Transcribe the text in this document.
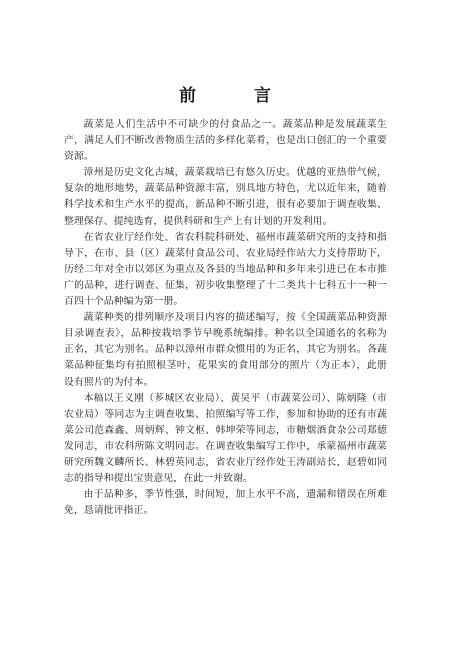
前 言

蔬菜是人们生活中不可缺少的付食品之一。蔬菜品种是发展蔬菜生产，满足人们不断改善物质生活的多样化菜肴，也是出口创汇的一个重要资源。

漳州是历史文化古城，蔬菜栽培已有悠久历史。优越的亚热带气候，复杂的地形地势，蔬菜品种资源丰富，别具地方特色，尤以近年来，随着科学技术和生产水平的提高，新品种不断引进，很有必要加于调查收集、整理保存、提纯选育，提供科研和生产上有计划的开发利用。

在省农业厅经作处、省农科院科研处、福州市蔬菜研究所的支持和指导下，在市、县（区）蔬菜付食品公司、农业局经作站大力支持帮助下，历经二年对全市以郊区为重点及各县的当地品种和多年来引进已在本市推广的品种，进行调查、征集，初步收集整理了十二类共十七科五十一种一百四十个品种编为第一册。

蔬菜种类的排列顺序及项目内容的描述编写，按《全国蔬菜品种资源目录调查表》，品种按栽培季节早晚系统编排。种名以全国通名的名称为正名，其它为别名。品种以漳州市群众惯用的为正名，其它为别名。各蔬菜品种征集均有拍照根茎叶，花果实的食用部分的照片（为正本），此册设有照片的为付本。

本稿以王义刚（芗城区农业局）、黄吴平（市蔬菜公司）、陈炳隆（市农业局）等同志为主调查收集、拍照编写等工作，参加和协助的还有市蔬菜公司范森鑫、周炳辉、钟文枢、韩坤荣等同志，市糖烟酒食杂公司郑德发同志，市农科所陈文明同志。在调查收集编写工作中，承蒙福州市蔬菜研究所魏文麟所长、林碧英同志，省农业厅经作处王涛副站长，赵碧如同志的指导和提出宝贵意见，在此一并致谢。

由于品种多，季节性强，时间短，加上水平不高，遗漏和错误在所难免，恳请批评指正。
